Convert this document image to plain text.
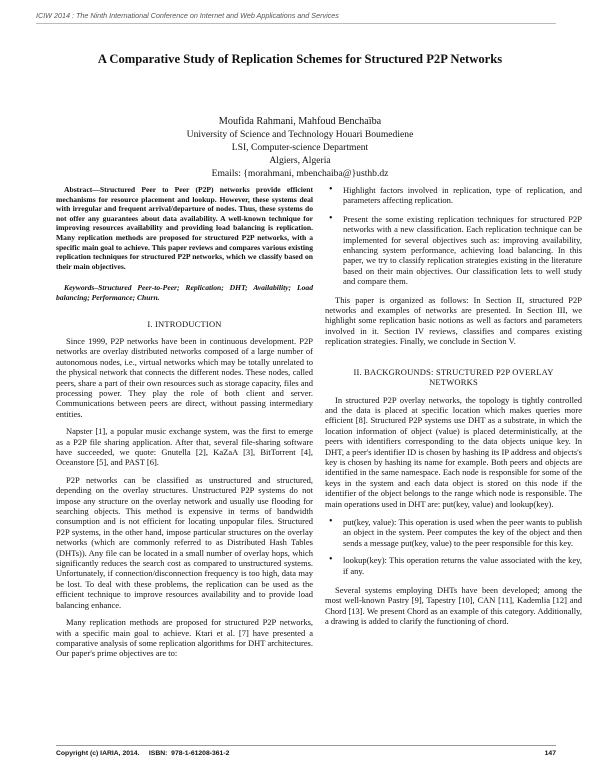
ICIW 2014 : The Ninth International Conference on Internet and Web Applications and Services
A Comparative Study of Replication Schemes for Structured P2P Networks
Moufida Rahmani, Mahfoud Benchaïba
University of Science and Technology Houari Boumediene
LSI, Computer-science Department
Algiers, Algeria
Emails: {morahmani, mbenchaiba@}usthb.dz

Abstract—Structured Peer to Peer (P2P) networks provide efficient mechanisms for resource placement and lookup. However, these systems deal with irregular and frequent arrival/departure of nodes. Thus, these systems do not offer any guarantees about data availability. A well-known technique for improving resources availability and providing load balancing is replication. Many replication methods are proposed for structured P2P networks, with a specific main goal to achieve. This paper reviews and compares various existing replication techniques for structured P2P networks, which we classify based on their main objectives.

Keywords–Structured Peer-to-Peer; Replication; DHT; Availability; Load balancing; Performance; Churn.

I. INTRODUCTION

Since 1999, P2P networks have been in continuous development. P2P networks are overlay distributed networks composed of a large number of autonomous nodes, i.e., virtual networks which may be totally unrelated to the physical network that connects the different nodes. These nodes, called peers, share a part of their own resources such as storage capacity, files and processing power. They play the role of both client and server. Communications between peers are direct, without passing intermediary entities.

Napster [1], a popular music exchange system, was the first to emerge as a P2P file sharing application. After that, several file-sharing software have succeeded, we quote: Gnutella [2], KaZaA [3], BitTorrent [4], Oceanstore [5], and PAST [6].

P2P networks can be classified as unstructured and structured, depending on the overlay structures. Unstructured P2P systems do not impose any structure on the overlay network and usually use flooding for searching objects. This method is expensive in terms of bandwidth consumption and is not efficient for locating unpopular files. Structured P2P systems, in the other hand, impose particular structures on the overlay networks (which are commonly referred to as Distributed Hash Tables (DHTs)). Any file can be located in a small number of overlay hops, which significantly reduces the search cost as compared to unstructured systems. Unfortunately, if connection/disconnection frequency is too high, data may be lost. To deal with these problems, the replication can be used as the efficient technique to improve resources availability and to provide load balancing enhance.

Many replication methods are proposed for structured P2P networks, with a specific main goal to achieve. Ktari et al. [7] have presented a comparative analysis of some replication algorithms for DHT architectures. Our paper's prime objectives are to:

• Highlight factors involved in replication, type of replication, and parameters affecting replication.
• Present the some existing replication techniques for structured P2P networks with a new classification. Each replication technique can be implemented for several objectives such as: improving availability, enhancing system performance, achieving load balancing. In this paper, we try to classify replication strategies existing in the literature based on their main objectives. Our classification lets to well study and compare them.

This paper is organized as follows: In Section II, structured P2P networks and examples of networks are presented. In Section III, we highlight some replication basic notions as well as factors and parameters involved in it. Section IV reviews, classifies and compares existing replication strategies. Finally, we conclude in Section V.

II. BACKGROUNDS: STRUCTURED P2P OVERLAY

NETWORKS

In structured P2P overlay networks, the topology is tightly controlled and the data is placed at specific location which makes queries more efficient [8]. Structured P2P systems use DHT as a substrate, in which the location information of object (value) is placed deterministically, at the peers with identifiers corresponding to the data objects unique key. In DHT, a peer's identifier ID is chosen by hashing its IP address and objects's key is chosen by hashing its name for example. Both peers and objects are identified in the same namespace. Each node is responsible for some of the keys in the system and each data object is stored on this node if the identifier of the object belongs to the range which node is responsible. The main operations used in DHT are: put(key, value) and lookup(key).

• put(key, value): This operation is used when the peer wants to publish an object in the system. Peer computes the key of the object and then sends a message put(key, value) to the peer responsible for this key.
• lookup(key): This operation returns the value associated with the key, if any.

Several systems employing DHTs have been developed; among the most well-known Pastry [9], Tapestry [10], CAN [11], Kademlia [12] and Chord [13]. We present Chord as an example of this category. Additionally, a drawing is added to clarify the functioning of chord.

Copyright (c) IARIA, 2014.     ISBN:  978-1-61208-361-2	147
